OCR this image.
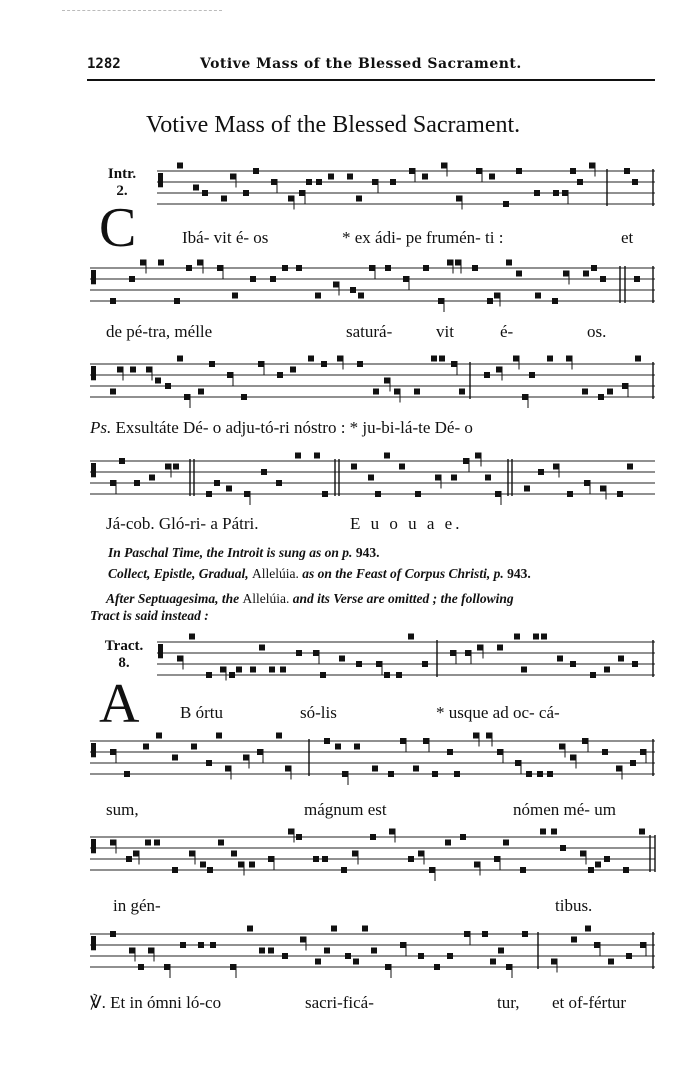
1282	Votive Mass of the Blessed Sacrament.
Votive Mass of the Blessed Sacrament.
Intr.
2.
C	Ibá- vit é- os	* ex ádi- pe frumén- ti :	et
de pé-tra, mélle	saturá-	vit	é-	os.
Ps. Exsultáte Dé- o adju-tó-ri nóstro : * ju-bi-lá-te Dé- o
Já-cob. Gló-ri- a Pátri.	E u o u a e.
In Paschal Time, the Introit is sung as on p. 943.
Collect, Epistle, Gradual, Allelúia. as on the Feast of Corpus Christi, p. 943.
After Septuagesima, the Allelúia. and its Verse are omitted ; the following
Tract is said instead :
Tract.
8.
A B órtu	só-lis	* usque ad oc- cá-
sum,	mágnum est	nómen mé- um
in gén-	tibus.
℣. Et in ómni ló-co	sacri-ficá-	tur, et of-fértur
